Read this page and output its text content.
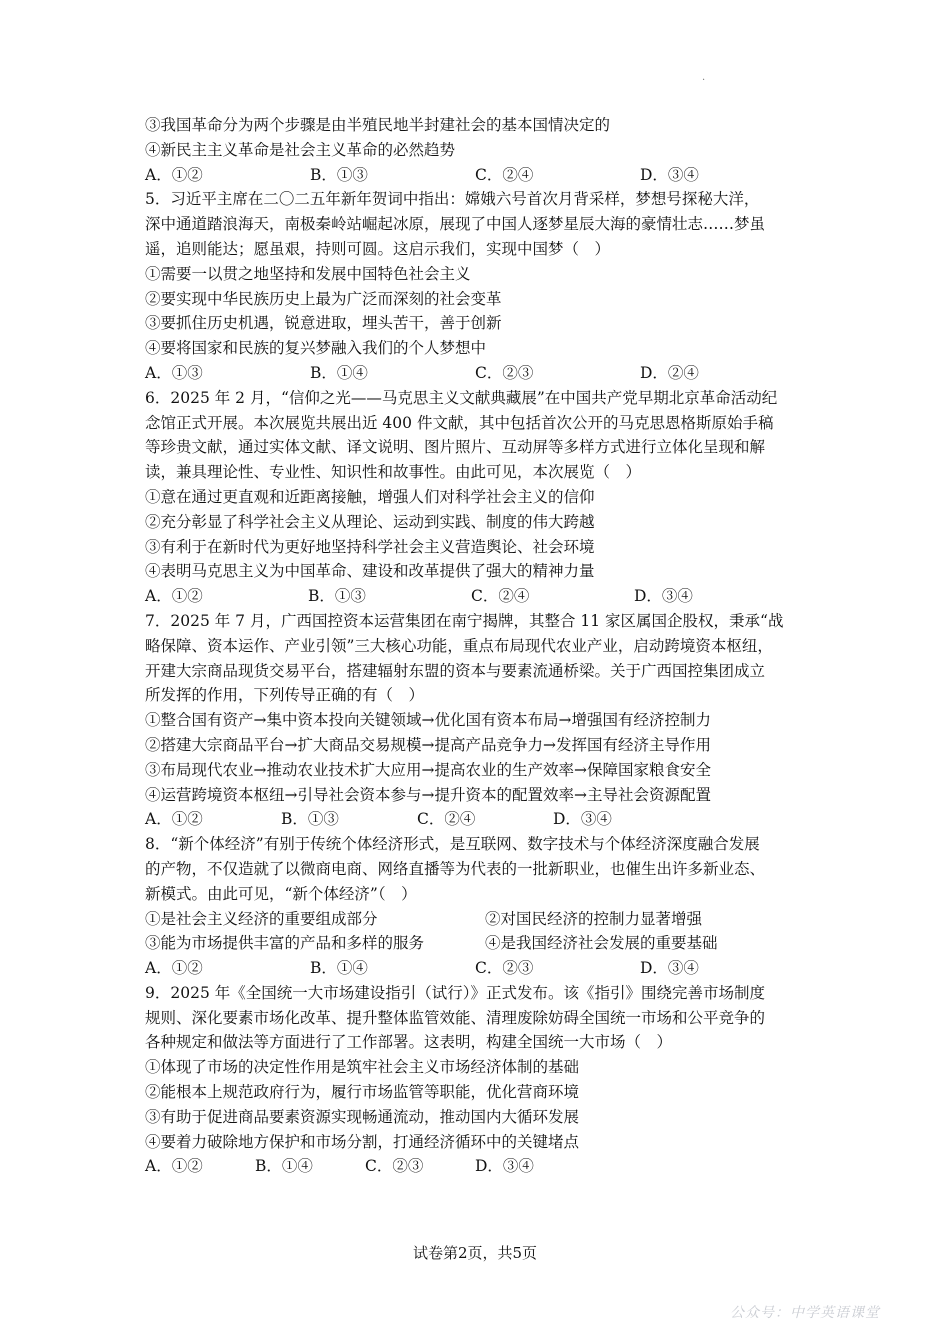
.
③我国革命分为两个步骤是由半殖民地半封建社会的基本国情决定的
④新民主主义革命是社会主义革命的必然趋势
A．①②	B．①③	C．②④	D．③④
5．习近平主席在二〇二五年新年贺词中指出：嫦娥六号首次月背采样，梦想号探秘大洋，
深中通道踏浪海天，南极秦岭站崛起冰原，展现了中国人逐梦星辰大海的豪情壮志……梦虽
遥，追则能达；愿虽艰，持则可圆。这启示我们，实现中国梦（　）
①需要一以贯之地坚持和发展中国特色社会主义
②要实现中华民族历史上最为广泛而深刻的社会变革
③要抓住历史机遇，锐意进取，埋头苦干，善于创新
④要将国家和民族的复兴梦融入我们的个人梦想中
A．①③	B．①④	C．②③	D．②④
6．2025 年 2 月，“信仰之光——马克思主义文献典藏展”在中国共产党早期北京革命活动纪
念馆正式开展。本次展览共展出近 400 件文献，其中包括首次公开的马克思恩格斯原始手稿
等珍贵文献，通过实体文献、译文说明、图片照片、互动屏等多样方式进行立体化呈现和解
读，兼具理论性、专业性、知识性和故事性。由此可见，本次展览（　）
①意在通过更直观和近距离接触，增强人们对科学社会主义的信仰
②充分彰显了科学社会主义从理论、运动到实践、制度的伟大跨越
③有利于在新时代为更好地坚持科学社会主义营造舆论、社会环境
④表明马克思主义为中国革命、建设和改革提供了强大的精神力量
A．①②	B．①③	C．②④	D．③④
7．2025 年 7 月，广西国控资本运营集团在南宁揭牌，其整合 11 家区属国企股权，秉承“战
略保障、资本运作、产业引领”三大核心功能，重点布局现代农业产业，启动跨境资本枢纽，
开建大宗商品现货交易平台，搭建辐射东盟的资本与要素流通桥梁。关于广西国控集团成立
所发挥的作用，下列传导正确的有（　）
①整合国有资产→集中资本投向关键领域→优化国有资本布局→增强国有经济控制力
②搭建大宗商品平台→扩大商品交易规模→提高产品竞争力→发挥国有经济主导作用
③布局现代农业→推动农业技术扩大应用→提高农业的生产效率→保障国家粮食安全
④运营跨境资本枢纽→引导社会资本参与→提升资本的配置效率→主导社会资源配置
A．①②	B．①③	C．②④	D．③④
8．“新个体经济”有别于传统个体经济形式，是互联网、数字技术与个体经济深度融合发展
的产物，不仅造就了以微商电商、网络直播等为代表的一批新职业，也催生出许多新业态、
新模式。由此可见，“新个体经济”（　）
①是社会主义经济的重要组成部分	②对国民经济的控制力显著增强
③能为市场提供丰富的产品和多样的服务	④是我国经济社会发展的重要基础
A．①②	B．①④	C．②③	D．③④
9．2025 年《全国统一大市场建设指引（试行）》正式发布。该《指引》围绕完善市场制度
规则、深化要素市场化改革、提升整体监管效能、清理废除妨碍全国统一市场和公平竞争的
各种规定和做法等方面进行了工作部署。这表明，构建全国统一大市场（　）
①体现了市场的决定性作用是筑牢社会主义市场经济体制的基础
②能根本上规范政府行为，履行市场监管等职能，优化营商环境
③有助于促进商品要素资源实现畅通流动，推动国内大循环发展
④要着力破除地方保护和市场分割，打通经济循环中的关键堵点
A．①②	B．①④	C．②③	D．③④
试卷第2页，共5页
公众号：中学英语课堂
